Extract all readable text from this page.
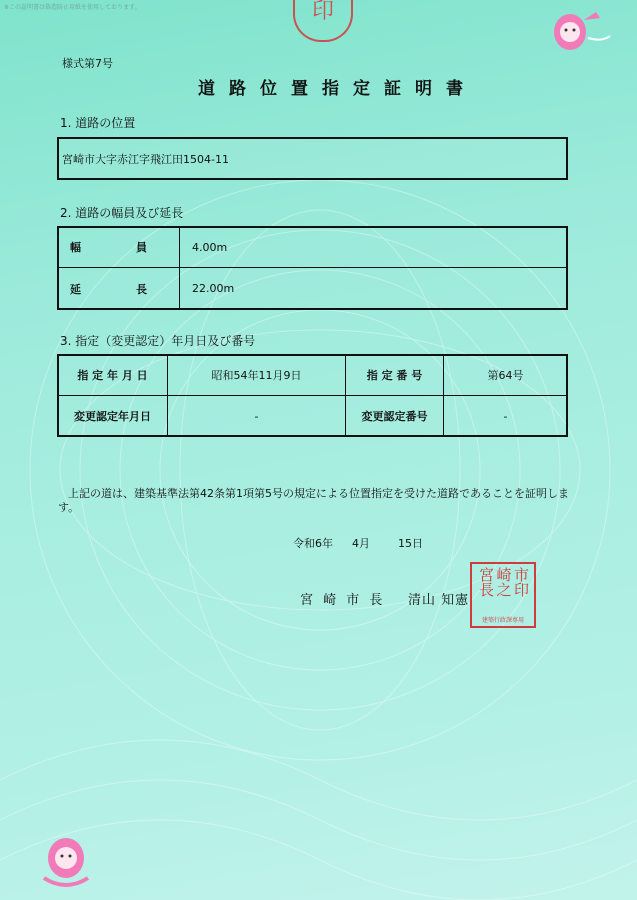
※この証明書は偽造防止用紙を使用しております。	印
様式第7号
道路位置指定証明書
1. 道路の位置
宮崎市大字赤江字飛江田1504-11
2. 道路の幅員及び延長
幅　　　　　員	4.00m
延　　　　　長	22.00m
3. 指定（変更認定）年月日及び番号
指 定 年 月 日	昭和54年11月9日	指 定 番 号	第64号
変更認定年月日	-	変更認定番号	-
上記の道は、建築基準法第42条第1項第5号の規定による位置指定を受けた道路であることを証明します。
令和6年 4月	15日
宮 崎 市 長 清山 知憲
市印
崎之
宮長
建築行政課専用
